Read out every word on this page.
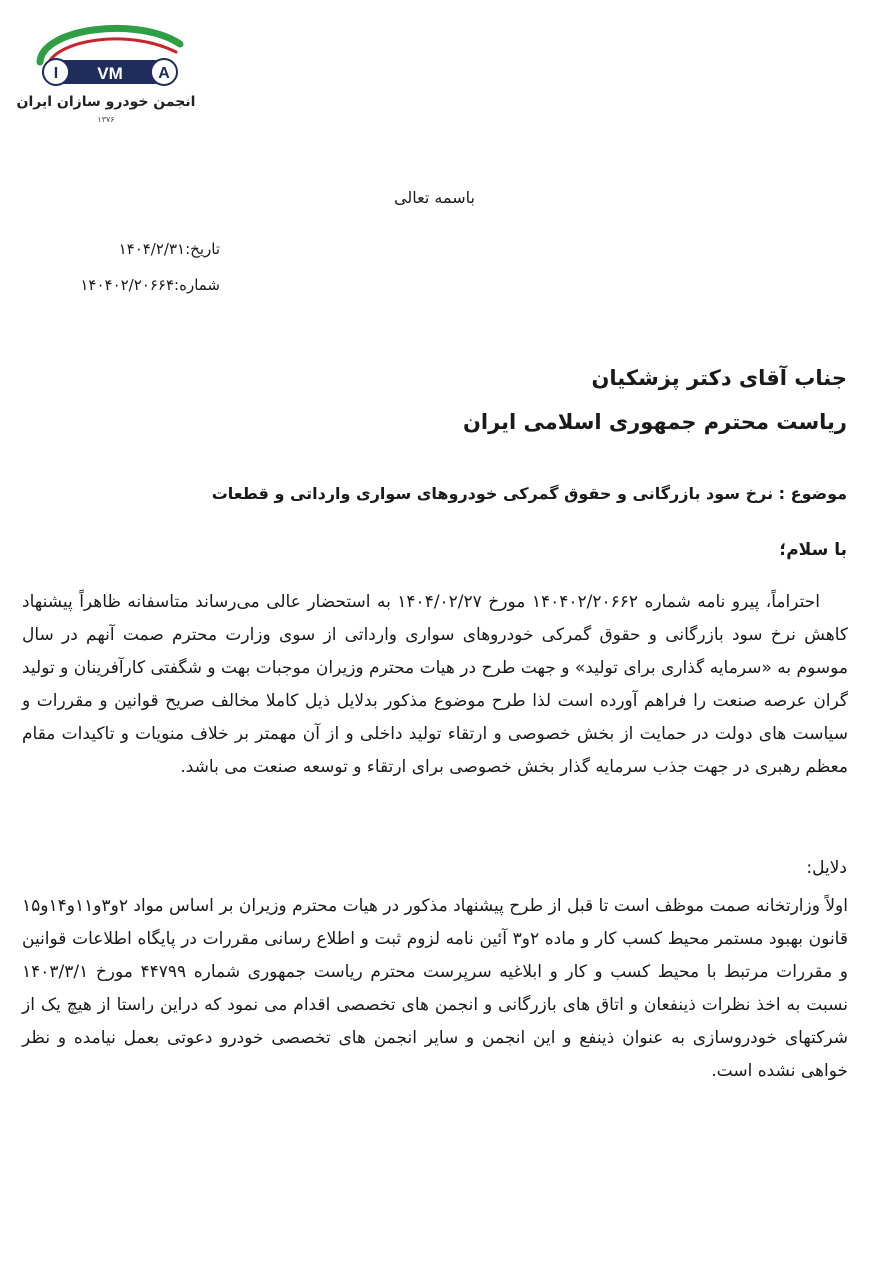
I VM A
انجمن خودرو سازان ایران
۱۳۷۶
باسمه تعالی
تاریخ:۱۴۰۴/۲/۳۱
شماره:۱۴۰۴۰۲/۲۰۶۶۴
جناب آقای دکتر پزشکیان
ریاست محترم جمهوری اسلامی ایران
موضوع : نرخ سود بازرگانی و حقوق گمرکی خودروهای سواری وارداتی و قطعات
با سلام؛
احتراماً، پیرو نامه شماره ۱۴۰۴۰۲/۲۰۶۶۲ مورخ ۱۴۰۴/۰۲/۲۷ به استحضار عالی می‌رساند متاسفانه ظاهراً پیشنهاد کاهش نرخ سود بازرگانی و حقوق گمرکی خودروهای سواری وارداتی از سوی وزارت محترم صمت آنهم در سال موسوم به «سرمایه گذاری برای تولید» و جهت طرح در هیات محترم وزیران موجبات بهت و شگفتی کارآفرینان و تولید گران عرصه صنعت را فراهم آورده است لذا طرح موضوع مذکور بدلایل ذیل کاملا مخالف صریح قوانین و مقررات و سیاست های دولت در حمایت از بخش خصوصی و ارتقاء تولید داخلی و از آن مهمتر بر خلاف منویات و تاکیدات مقام معظم رهبری در جهت جذب سرمایه گذار بخش خصوصی برای ارتقاء و توسعه صنعت می باشد.
دلایل:
اولاً وزارتخانه صمت موظف است تا قبل از طرح پیشنهاد مذکور در هیات محترم وزیران بر اساس مواد ۲و۳و۱۱و۱۴و۱۵ قانون بهبود مستمر محیط کسب کار و ماده ۲و۳ آئین نامه لزوم ثبت و اطلاع رسانی مقررات در پایگاه اطلاعات قوانین و مقررات مرتبط با محیط کسب و کار و ابلاغیه سرپرست محترم ریاست جمهوری شماره ۴۴۷۹۹ مورخ ۱۴۰۳/۳/۱ نسبت به اخذ نظرات ذینفعان و اتاق های بازرگانی و انجمن های تخصصی اقدام می نمود که دراین راستا از هیچ یک از شرکتهای خودروسازی به عنوان ذینفع و این انجمن و سایر انجمن های تخصصی خودرو دعوتی بعمل نیامده و نظر خواهی نشده است.
